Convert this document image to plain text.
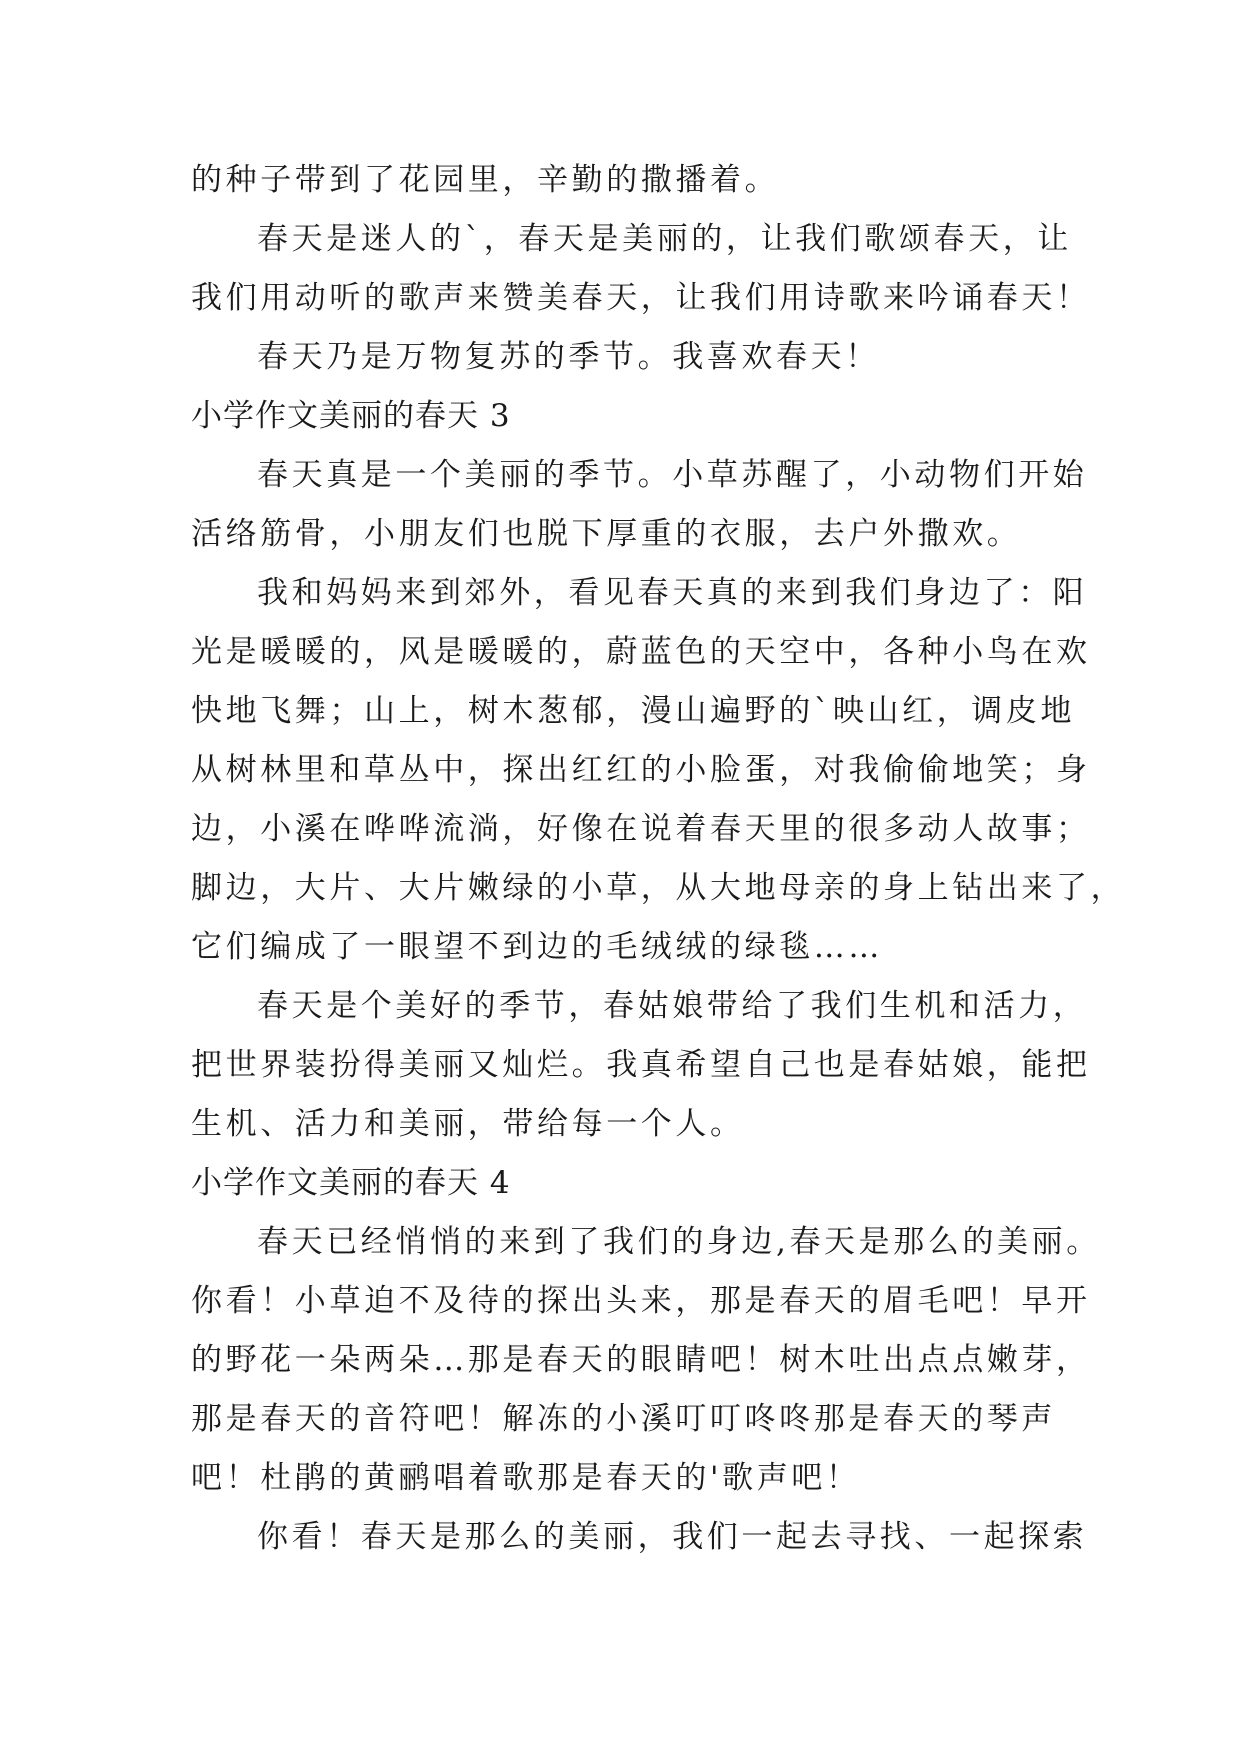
的种子带到了花园里，辛勤的撒播着。
春天是迷人的`，春天是美丽的，让我们歌颂春天，让
我们用动听的歌声来赞美春天，让我们用诗歌来吟诵春天！
春天乃是万物复苏的季节。我喜欢春天！
小学作文美丽的春天 3
春天真是一个美丽的季节。小草苏醒了，小动物们开始
活络筋骨，小朋友们也脱下厚重的衣服，去户外撒欢。
我和妈妈来到郊外，看见春天真的来到我们身边了：阳
光是暖暖的，风是暖暖的，蔚蓝色的天空中，各种小鸟在欢
快地飞舞；山上，树木葱郁，漫山遍野的`映山红，调皮地
从树林里和草丛中，探出红红的小脸蛋，对我偷偷地笑；身
边，小溪在哗哗流淌，好像在说着春天里的很多动人故事；
脚边，大片、大片嫩绿的小草，从大地母亲的身上钻出来了，
它们编成了一眼望不到边的毛绒绒的绿毯……
春天是个美好的季节，春姑娘带给了我们生机和活力，
把世界装扮得美丽又灿烂。我真希望自己也是春姑娘，能把
生机、活力和美丽，带给每一个人。
小学作文美丽的春天 4
春天已经悄悄的来到了我们的身边,春天是那么的美丽。
你看！小草迫不及待的探出头来，那是春天的眉毛吧！早开
的野花一朵两朵…那是春天的眼睛吧！树木吐出点点嫩芽，
那是春天的音符吧！解冻的小溪叮叮咚咚那是春天的琴声
吧！杜鹃的黄鹂唱着歌那是春天的'歌声吧！
你看！春天是那么的美丽，我们一起去寻找、一起探索
